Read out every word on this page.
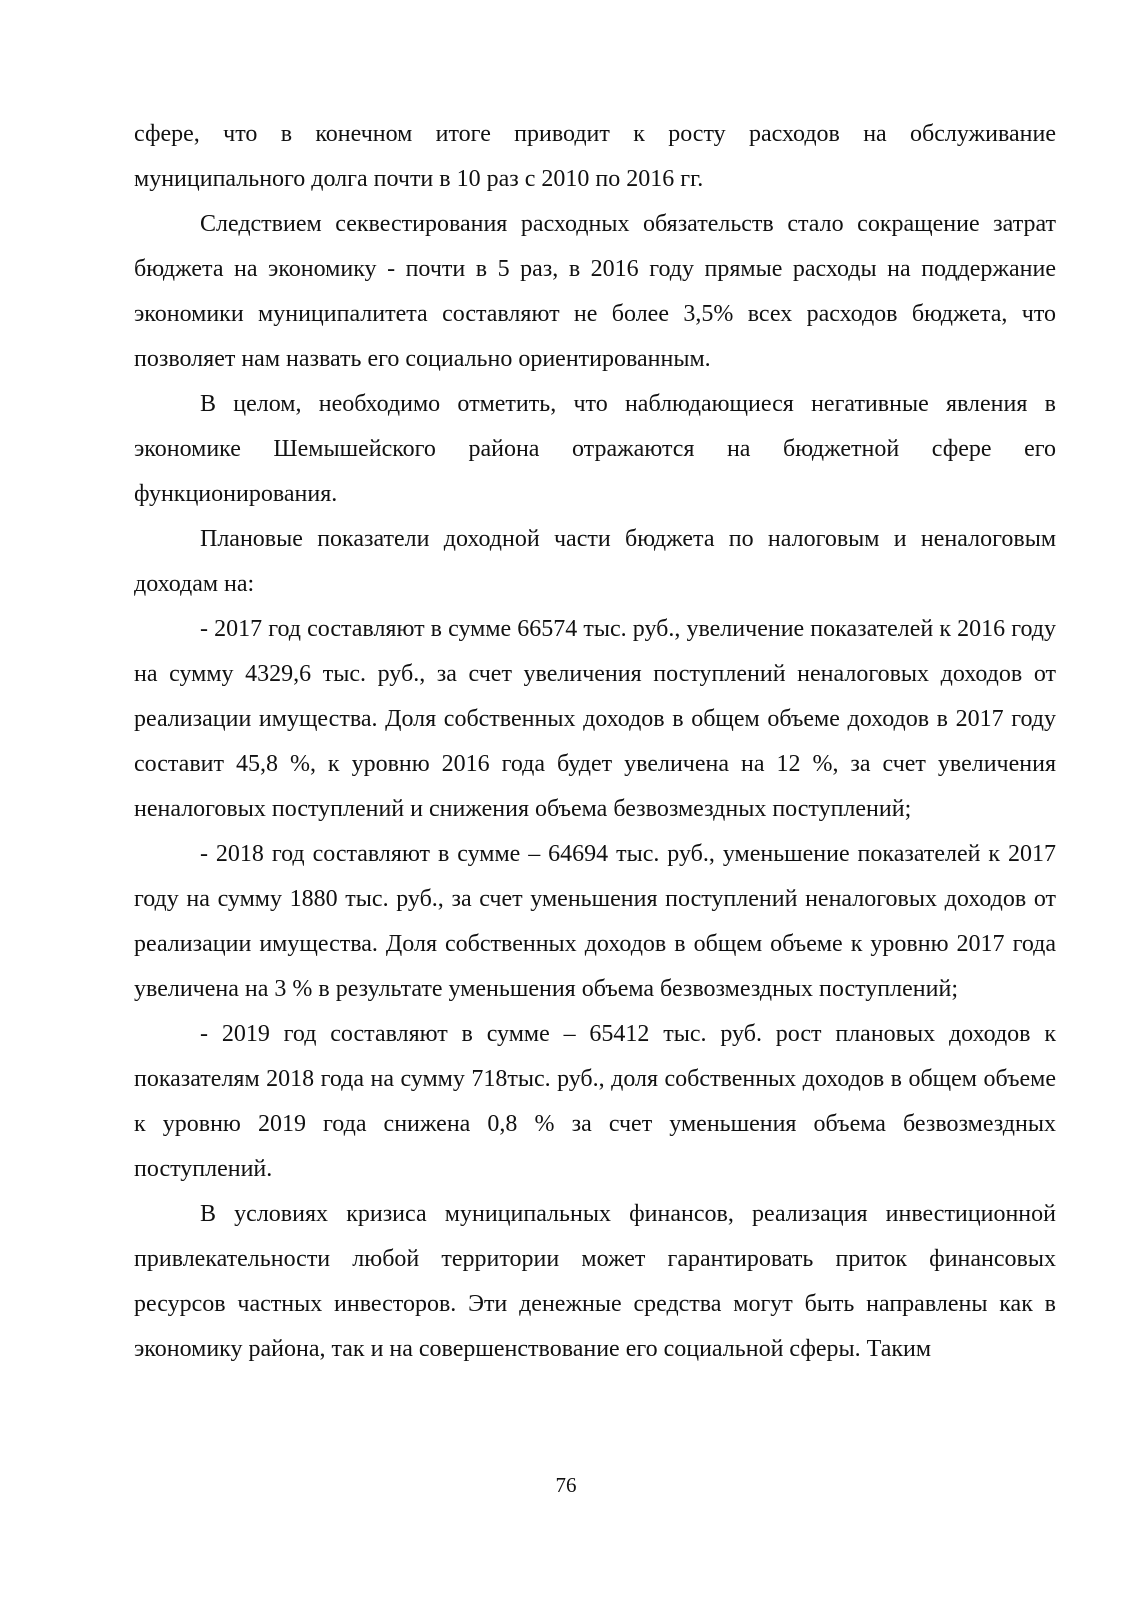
сфере, что в конечном итоге приводит к росту расходов на обслуживание муниципального долга почти в 10 раз с 2010 по 2016 гг.

Следствием секвестирования расходных обязательств стало сокращение затрат бюджета на экономику - почти в 5 раз, в 2016 году прямые расходы на поддержание экономики муниципалитета составляют не более 3,5% всех расходов бюджета, что позволяет нам назвать его социально ориентированным.

В целом, необходимо отметить, что наблюдающиеся негативные явления в экономике Шемышейского района отражаются на бюджетной сфере его функционирования.

Плановые показатели доходной части бюджета по налоговым и неналоговым доходам на:

- 2017 год составляют в сумме 66574 тыс. руб., увеличение показателей к 2016 году на сумму 4329,6 тыс. руб., за счет увеличения поступлений неналоговых доходов от реализации имущества. Доля собственных доходов в общем объеме доходов в 2017 году составит 45,8 %, к уровню 2016 года будет увеличена на 12 %, за счет увеличения неналоговых поступлений и снижения объема безвозмездных поступлений;

- 2018 год составляют в сумме – 64694 тыс. руб., уменьшение показателей к 2017 году на сумму 1880 тыс. руб., за счет уменьшения поступлений неналоговых доходов от реализации имущества. Доля собственных доходов в общем объеме к уровню 2017 года увеличена на 3 % в результате уменьшения объема безвозмездных поступлений;

- 2019 год составляют в сумме – 65412 тыс. руб. рост плановых доходов к показателям 2018 года на сумму 718тыс. руб., доля собственных доходов в общем объеме к уровню 2019 года снижена 0,8 % за счет уменьшения объема безвозмездных поступлений.

В условиях кризиса муниципальных финансов, реализация инвестиционной привлекательности любой территории может гарантировать приток финансовых ресурсов частных инвесторов. Эти денежные средства могут быть направлены как в экономику района, так и на совершенствование его социальной сферы. Таким

76
